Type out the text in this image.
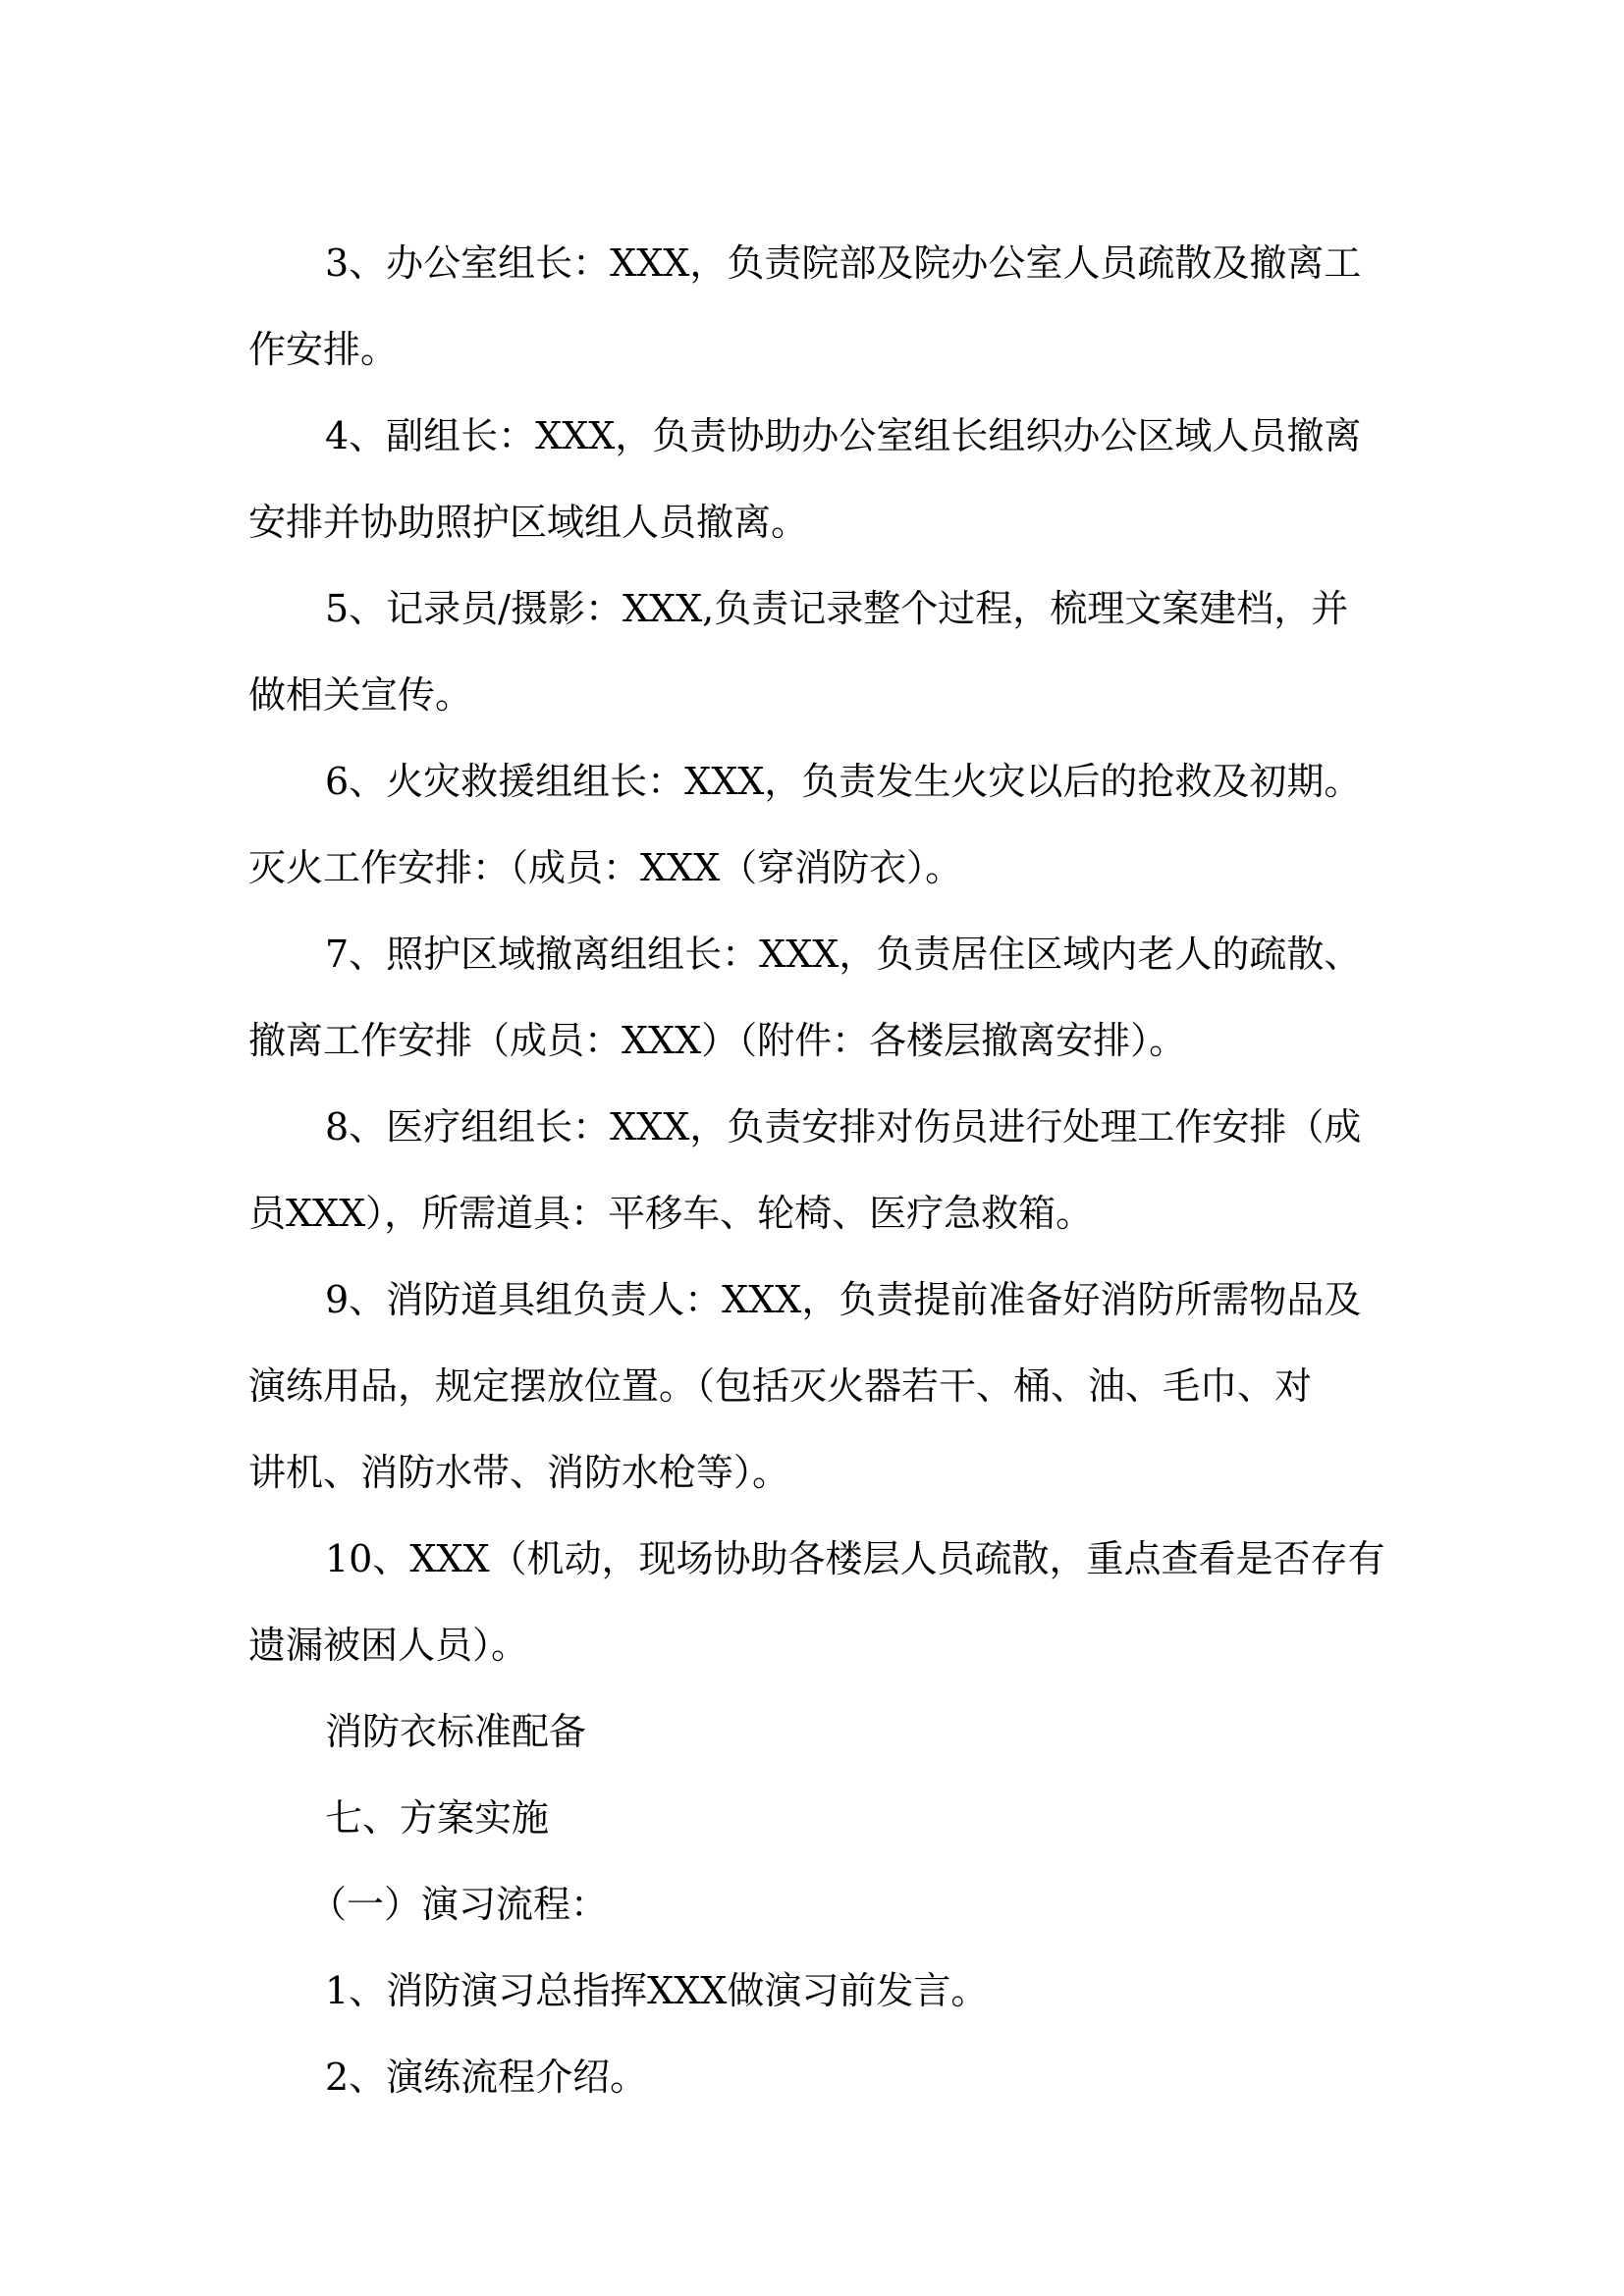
3、办公室组长：XXX，负责院部及院办公室人员疏散及撤离工
作安排。

4、副组长：XXX，负责协助办公室组长组织办公区域人员撤离
安排并协助照护区域组人员撤离。

5、记录员/摄影：XXX,负责记录整个过程，梳理文案建档，并
做相关宣传。

6、火灾救援组组长：XXX，负责发生火灾以后的抢救及初期。
灭火工作安排：（成员：XXX（穿消防衣）。

7、照护区域撤离组组长：XXX，负责居住区域内老人的疏散、
撤离工作安排（成员：XXX）（附件：各楼层撤离安排）。

8、医疗组组长：XXX，负责安排对伤员进行处理工作安排（成
员XXX），所需道具：平移车、轮椅、医疗急救箱。

9、消防道具组负责人：XXX，负责提前准备好消防所需物品及
演练用品，规定摆放位置。（包括灭火器若干、桶、油、毛巾、对
讲机、消防水带、消防水枪等）。

10、XXX（机动，现场协助各楼层人员疏散，重点查看是否存有
遗漏被困人员）。

消防衣标准配备

七、方案实施

（一）演习流程：

1、消防演习总指挥XXX做演习前发言。

2、演练流程介绍。
